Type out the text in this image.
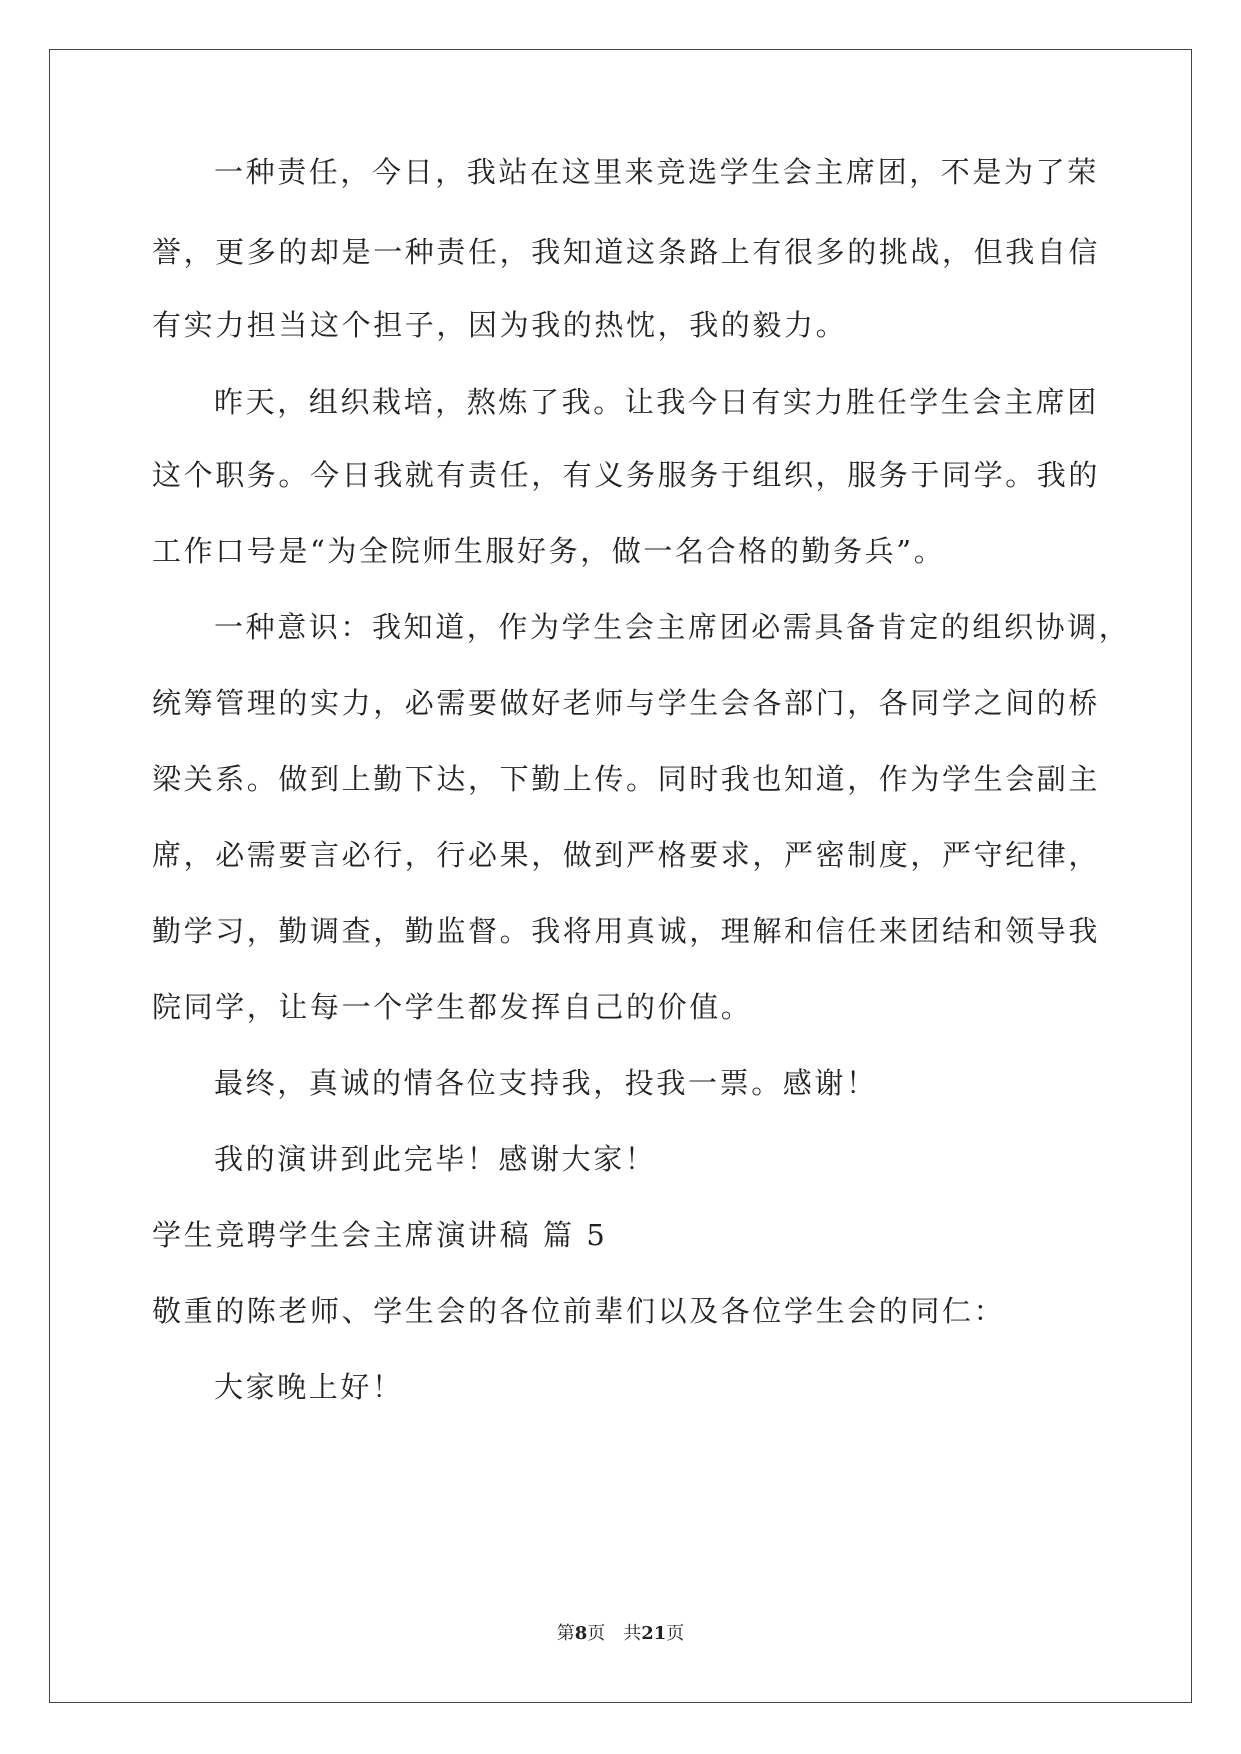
一种责任，今日，我站在这里来竞选学生会主席团，不是为了荣
誉，更多的却是一种责任，我知道这条路上有很多的挑战，但我自信
有实力担当这个担子，因为我的热忱，我的毅力。
昨天，组织栽培，熬炼了我。让我今日有实力胜任学生会主席团
这个职务。今日我就有责任，有义务服务于组织，服务于同学。我的
工作口号是“为全院师生服好务，做一名合格的勤务兵”。
一种意识：我知道，作为学生会主席团必需具备肯定的组织协调，
统筹管理的实力，必需要做好老师与学生会各部门，各同学之间的桥
梁关系。做到上勤下达，下勤上传。同时我也知道，作为学生会副主
席，必需要言必行，行必果，做到严格要求，严密制度，严守纪律，
勤学习，勤调查，勤监督。我将用真诚，理解和信任来团结和领导我
院同学，让每一个学生都发挥自己的价值。
最终，真诚的情各位支持我，投我一票。感谢！
我的演讲到此完毕！感谢大家！
学生竞聘学生会主席演讲稿 篇 5
敬重的陈老师、学生会的各位前辈们以及各位学生会的同仁：
大家晚上好！
第8页　共21页
